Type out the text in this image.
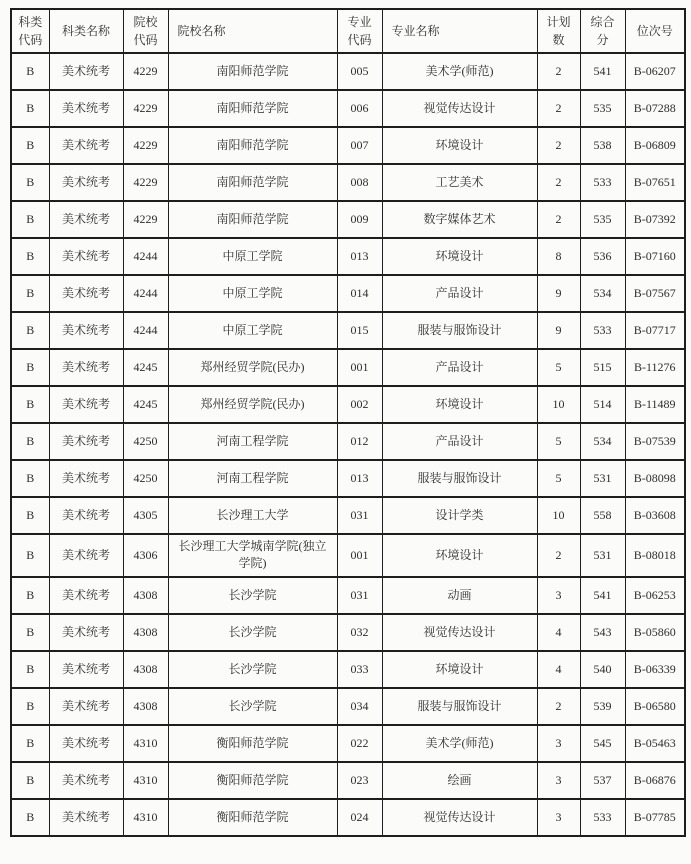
科类代码	科类名称	院校代码	院校名称	专业代码	专业名称	计划数	综合分	位次号
B	美术统考	4229	南阳师范学院	005	美术学(师范)	2	541	B-06207
B	美术统考	4229	南阳师范学院	006	视觉传达设计	2	535	B-07288
B	美术统考	4229	南阳师范学院	007	环境设计	2	538	B-06809
B	美术统考	4229	南阳师范学院	008	工艺美术	2	533	B-07651
B	美术统考	4229	南阳师范学院	009	数字媒体艺术	2	535	B-07392
B	美术统考	4244	中原工学院	013	环境设计	8	536	B-07160
B	美术统考	4244	中原工学院	014	产品设计	9	534	B-07567
B	美术统考	4244	中原工学院	015	服装与服饰设计	9	533	B-07717
B	美术统考	4245	郑州经贸学院(民办)	001	产品设计	5	515	B-11276
B	美术统考	4245	郑州经贸学院(民办)	002	环境设计	10	514	B-11489
B	美术统考	4250	河南工程学院	012	产品设计	5	534	B-07539
B	美术统考	4250	河南工程学院	013	服装与服饰设计	5	531	B-08098
B	美术统考	4305	长沙理工大学	031	设计学类	10	558	B-03608
B	美术统考	4306	长沙理工大学城南学院(独立学院)	001	环境设计	2	531	B-08018
B	美术统考	4308	长沙学院	031	动画	3	541	B-06253
B	美术统考	4308	长沙学院	032	视觉传达设计	4	543	B-05860
B	美术统考	4308	长沙学院	033	环境设计	4	540	B-06339
B	美术统考	4308	长沙学院	034	服装与服饰设计	2	539	B-06580
B	美术统考	4310	衡阳师范学院	022	美术学(师范)	3	545	B-05463
B	美术统考	4310	衡阳师范学院	023	绘画	3	537	B-06876
B	美术统考	4310	衡阳师范学院	024	视觉传达设计	3	533	B-07785
